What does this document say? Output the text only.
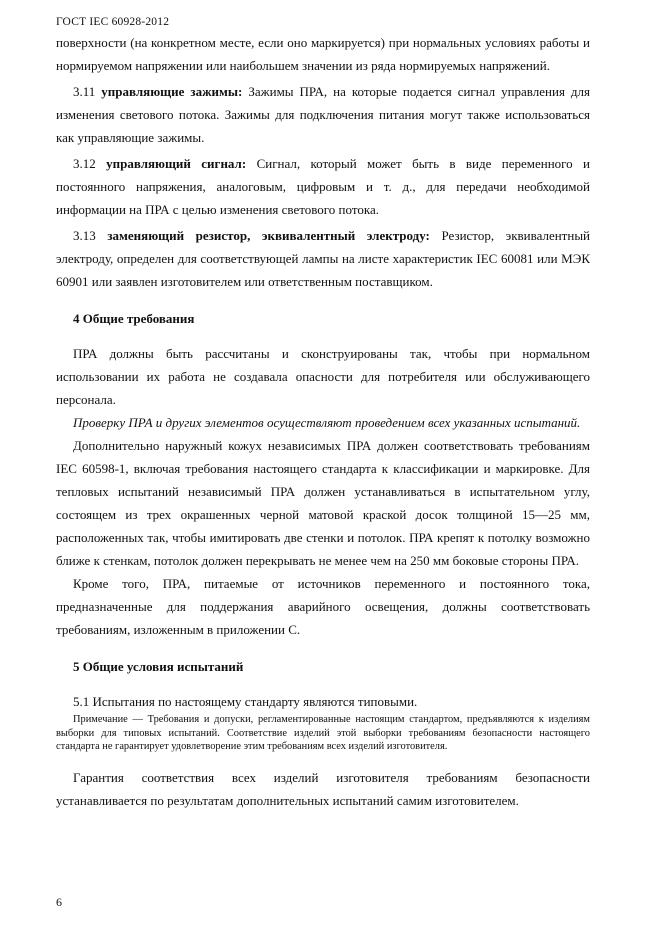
ГОСТ IEC 60928-2012

поверхности (на конкретном месте, если оно маркируется) при нормальных условиях работы и нормируемом напряжении или наибольшем значении из ряда нормируемых напряжений.

3.11 управляющие зажимы: Зажимы ПРА, на которые подается сигнал управления для изменения светового потока. Зажимы для подключения питания могут также использоваться как управляющие зажимы.

3.12 управляющий сигнал: Сигнал, который может быть в виде переменного и постоянного напряжения, аналоговым, цифровым и т. д., для передачи необходимой информации на ПРА с целью изменения светового потока.

3.13 заменяющий резистор, эквивалентный электроду: Резистор, эквивалентный электроду, определен для соответствующей лампы на листе характеристик IEC 60081 или МЭК 60901 или заявлен изготовителем или ответственным поставщиком.

4 Общие требования

ПРА должны быть рассчитаны и сконструированы так, чтобы при нормальном использовании их работа не создавала опасности для потребителя или обслуживающего персонала.

Проверку ПРА и других элементов осуществляют проведением всех указанных испытаний.

Дополнительно наружный кожух независимых ПРА должен соответствовать требованиям IEC 60598-1, включая требования настоящего стандарта к классификации и маркировке. Для тепловых испытаний независимый ПРА должен устанавливаться в испытательном углу, состоящем из трех окрашенных черной матовой краской досок толщиной 15—25 мм, расположенных так, чтобы имитировать две стенки и потолок. ПРА крепят к потолку возможно ближе к стенкам, потолок должен перекрывать не менее чем на 250 мм боковые стороны ПРА.

Кроме того, ПРА, питаемые от источников переменного и постоянного тока, предназначенные для поддержания аварийного освещения, должны соответствовать требованиям, изложенным в приложении С.

5 Общие условия испытаний

5.1 Испытания по настоящему стандарту являются типовыми.

Примечание — Требования и допуски, регламентированные настоящим стандартом, предъявляются к изделиям выборки для типовых испытаний. Соответствие изделий этой выборки требованиям безопасности настоящего стандарта не гарантирует удовлетворение этим требованиям всех изделий изготовителя.

Гарантия соответствия всех изделий изготовителя требованиям безопасности устанавливается по результатам дополнительных испытаний самим изготовителем.

6
